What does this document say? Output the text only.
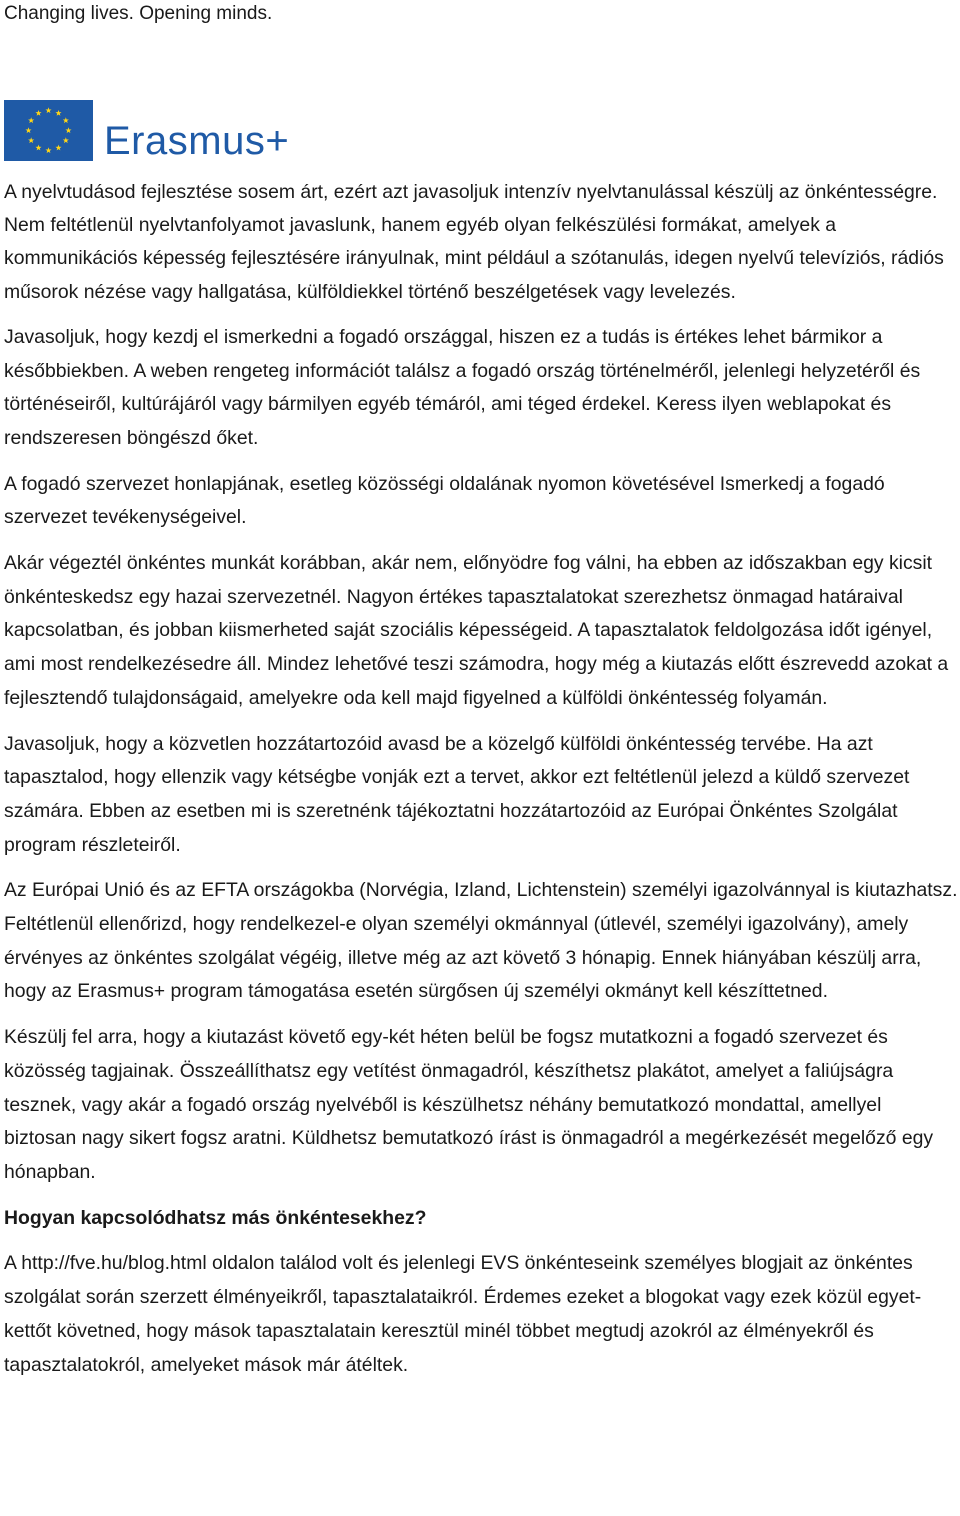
Changing lives. Opening minds.
Erasmus+

A nyelvtudásod fejlesztése sosem árt, ezért azt javasoljuk intenzív nyelvtanulással készülj az önkéntességre. Nem feltétlenül nyelvtanfolyamot javaslunk, hanem egyéb olyan felkészülési formákat, amelyek a kommunikációs képesség fejlesztésére irányulnak, mint például a szótanulás, idegen nyelvű televíziós, rádiós műsorok nézése vagy hallgatása, külföldiekkel történő beszélgetések vagy levelezés.

Javasoljuk, hogy kezdj el ismerkedni a fogadó országgal, hiszen ez a tudás is értékes lehet bármikor a későbbiekben. A weben rengeteg információt találsz a fogadó ország történelméről, jelenlegi helyzetéről és történéseiről, kultúrájáról vagy bármilyen egyéb témáról, ami téged érdekel. Keress ilyen weblapokat és rendszeresen böngészd őket.

A fogadó szervezet honlapjának, esetleg közösségi oldalának nyomon követésével Ismerkedj a fogadó szervezet tevékenységeivel.

Akár végeztél önkéntes munkát korábban, akár nem, előnyödre fog válni, ha ebben az időszakban egy kicsit önkénteskedsz egy hazai szervezetnél. Nagyon értékes tapasztalatokat szerezhetsz önmagad határaival kapcsolatban, és jobban kiismerheted saját szociális képességeid. A tapasztalatok feldolgozása időt igényel, ami most rendelkezésedre áll. Mindez lehetővé teszi számodra, hogy még a kiutazás előtt észrevedd azokat a fejlesztendő tulajdonságaid, amelyekre oda kell majd figyelned a külföldi önkéntesség folyamán.

Javasoljuk, hogy a közvetlen hozzátartozóid avasd be a közelgő külföldi önkéntesség tervébe. Ha azt tapasztalod, hogy ellenzik vagy kétségbe vonják ezt a tervet, akkor ezt feltétlenül jelezd a küldő szervezet számára. Ebben az esetben mi is szeretnénk tájékoztatni hozzátartozóid az Európai Önkéntes Szolgálat program részleteiről.

Az Európai Unió és az EFTA országokba (Norvégia, Izland, Lichtenstein) személyi igazolvánnyal is kiutazhatsz. Feltétlenül ellenőrizd, hogy rendelkezel-e olyan személyi okmánnyal (útlevél, személyi igazolvány), amely érvényes az önkéntes szolgálat végéig, illetve még az azt követő 3 hónapig. Ennek hiányában készülj arra, hogy az Erasmus+ program támogatása esetén sürgősen új személyi okmányt kell készíttetned.

Készülj fel arra, hogy a kiutazást követő egy-két héten belül be fogsz mutatkozni a fogadó szervezet és közösség tagjainak. Összeállíthatsz egy vetítést önmagadról, készíthetsz plakátot, amelyet a faliújságra tesznek, vagy akár a fogadó ország nyelvéből is készülhetsz néhány bemutatkozó mondattal, amellyel biztosan nagy sikert fogsz aratni. Küldhetsz bemutatkozó írást is önmagadról a megérkezését megelőző egy hónapban.

Hogyan kapcsolódhatsz más önkéntesekhez?

A http://fve.hu/blog.html oldalon találod volt és jelenlegi EVS önkénteseink személyes blogjait az önkéntes szolgálat során szerzett élményeikről, tapasztalataikról. Érdemes ezeket a blogokat vagy ezek közül egyet-kettőt követned, hogy mások tapasztalatain keresztül minél többet megtudj azokról az élményekről és tapasztalatokról, amelyeket mások már átéltek.
